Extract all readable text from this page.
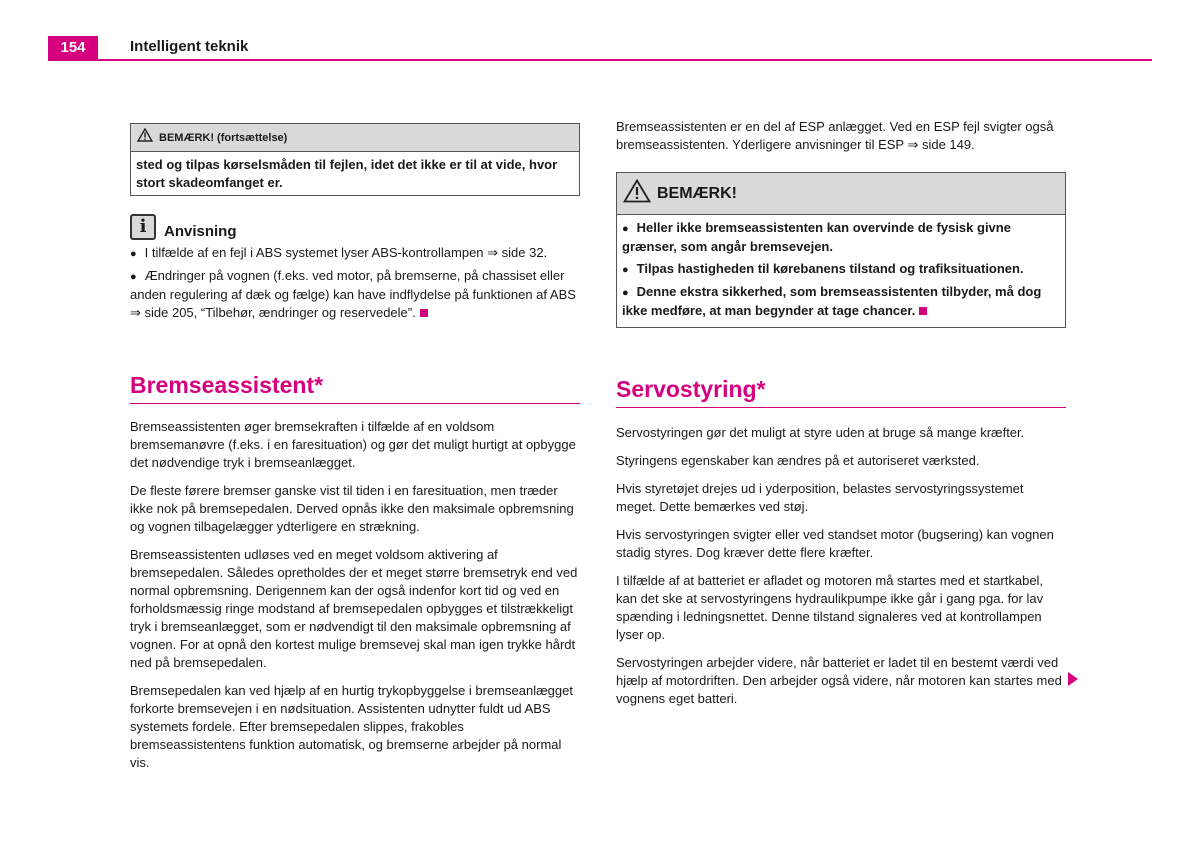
154	Intelligent teknik
BEMÆRK! (fortsættelse)
sted og tilpas kørselsmåden til fejlen, idet det ikke er til at vide, hvor stort skadeomfanget er.
i	Anvisning

● I tilfælde af en fejl i ABS systemet lyser ABS-kontrollampen ⇒ side 32.

● Ændringer på vognen (f.eks. ved motor, på bremserne, på chassiset eller anden regulering af dæk og fælge) kan have indflydelse på funktionen af ABS ⇒ side 205, “Tilbehør, ændringer og reservedele”.

Bremseassistent*

Bremseassistenten øger bremsekraften i tilfælde af en voldsom bremsemanøvre (f.eks. i en faresituation) og gør det muligt hurtigt at opbygge det nødvendige tryk i bremseanlægget.

De fleste førere bremser ganske vist til tiden i en faresituation, men træder ikke nok på bremsepedalen. Derved opnås ikke den maksimale opbremsning og vognen tilbagelægger ydterligere en strækning.

Bremseassistenten udløses ved en meget voldsom aktivering af bremsepedalen. Således opretholdes der et meget større bremsetryk end ved normal opbremsning. Derigennem kan der også indenfor kort tid og ved en forholdsmæssig ringe modstand af bremsepedalen opbygges et tilstrækkeligt tryk i bremseanlægget, som er nødvendigt til den maksimale opbremsning af vognen. For at opnå den kortest mulige bremsevej skal man igen trykke hårdt ned på bremsepedalen.

Bremsepedalen kan ved hjælp af en hurtig trykopbyggelse i bremseanlægget forkorte bremsevejen i en nødsituation. Assistenten udnytter fuldt ud ABS systemets fordele. Efter bremsepedalen slippes, frakobles bremseassistentens funktion automatisk, og bremserne arbejder på normal vis.

Bremseassistenten er en del af ESP anlægget. Ved en ESP fejl svigter også bremseassistenten. Yderligere anvisninger til ESP ⇒ side 149.

BEMÆRK!

● Heller ikke bremseassistenten kan overvinde de fysisk givne grænser, som angår bremsevejen.

● Tilpas hastigheden til kørebanens tilstand og trafiksituationen.

● Denne ekstra sikkerhed, som bremseassistenten tilbyder, må dog ikke medføre, at man begynder at tage chancer.

Servostyring*

Servostyringen gør det muligt at styre uden at bruge så mange kræfter.

Styringens egenskaber kan ændres på et autoriseret værksted.

Hvis styretøjet drejes ud i yderposition, belastes servostyringssystemet meget. Dette bemærkes ved støj.

Hvis servostyringen svigter eller ved standset motor (bugsering) kan vognen stadig styres. Dog kræver dette flere kræfter.

I tilfælde af at batteriet er afladet og motoren må startes med et startkabel, kan det ske at servostyringens hydraulikpumpe ikke går i gang pga. for lav spænding i ledningsnettet. Denne tilstand signaleres ved at kontrollampen lyser op.

Servostyringen arbejder videre, når batteriet er ladet til en bestemt værdi ved hjælp af motordriften. Den arbejder også videre, når motoren kan startes med vognens eget batteri.
